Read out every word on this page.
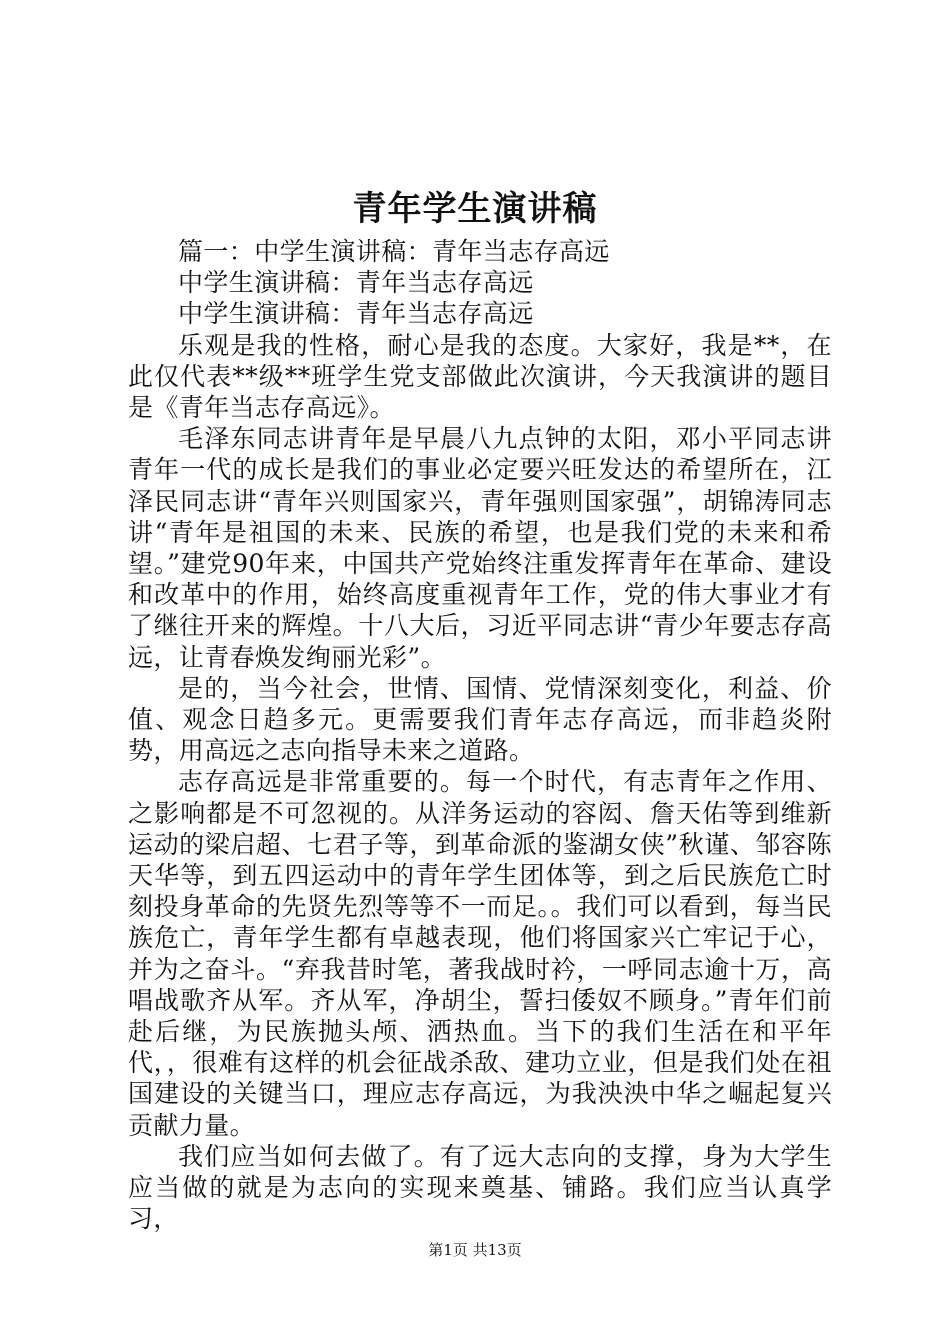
青年学生演讲稿

篇一：中学生演讲稿：青年当志存高远

中学生演讲稿：青年当志存高远

中学生演讲稿：青年当志存高远

乐观是我的性格，耐心是我的态度。大家好，我是**，在此仅代表**级**班学生党支部做此次演讲，今天我演讲的题目是《青年当志存高远》。

毛泽东同志讲青年是早晨八九点钟的太阳，邓小平同志讲青年一代的成长是我们的事业必定要兴旺发达的希望所在，江泽民同志讲“青年兴则国家兴，青年强则国家强”，胡锦涛同志讲“青年是祖国的未来、民族的希望，也是我们党的未来和希望。”建党90年来，中国共产党始终注重发挥青年在革命、建设和改革中的作用，始终高度重视青年工作，党的伟大事业才有了继往开来的辉煌。十八大后，习近平同志讲“青少年要志存高远，让青春焕发绚丽光彩”。

是的，当今社会，世情、国情、党情深刻变化，利益、价值、观念日趋多元。更需要我们青年志存高远，而非趋炎附势，用高远之志向指导未来之道路。

志存高远是非常重要的。每一个时代，有志青年之作用、之影响都是不可忽视的。从洋务运动的容闳、詹天佑等到维新运动的梁启超、七君子等，到革命派的鉴湖女侠”秋谨、邹容陈天华等，到五四运动中的青年学生团体等，到之后民族危亡时刻投身革命的先贤先烈等等不一而足。。我们可以看到，每当民族危亡，青年学生都有卓越表现，他们将国家兴亡牢记于心，并为之奋斗。“弃我昔时笔，著我战时衿，一呼同志逾十万，高唱战歌齐从军。齐从军，净胡尘，誓扫倭奴不顾身。”青年们前赴后继，为民族抛头颅、洒热血。当下的我们生活在和平年代，，很难有这样的机会征战杀敌、建功立业，但是我们处在祖国建设的关键当口，理应志存高远，为我泱泱中华之崛起复兴贡献力量。

我们应当如何去做了。有了远大志向的支撑，身为大学生应当做的就是为志向的实现来奠基、铺路。我们应当认真学习，

第1页 共13页
